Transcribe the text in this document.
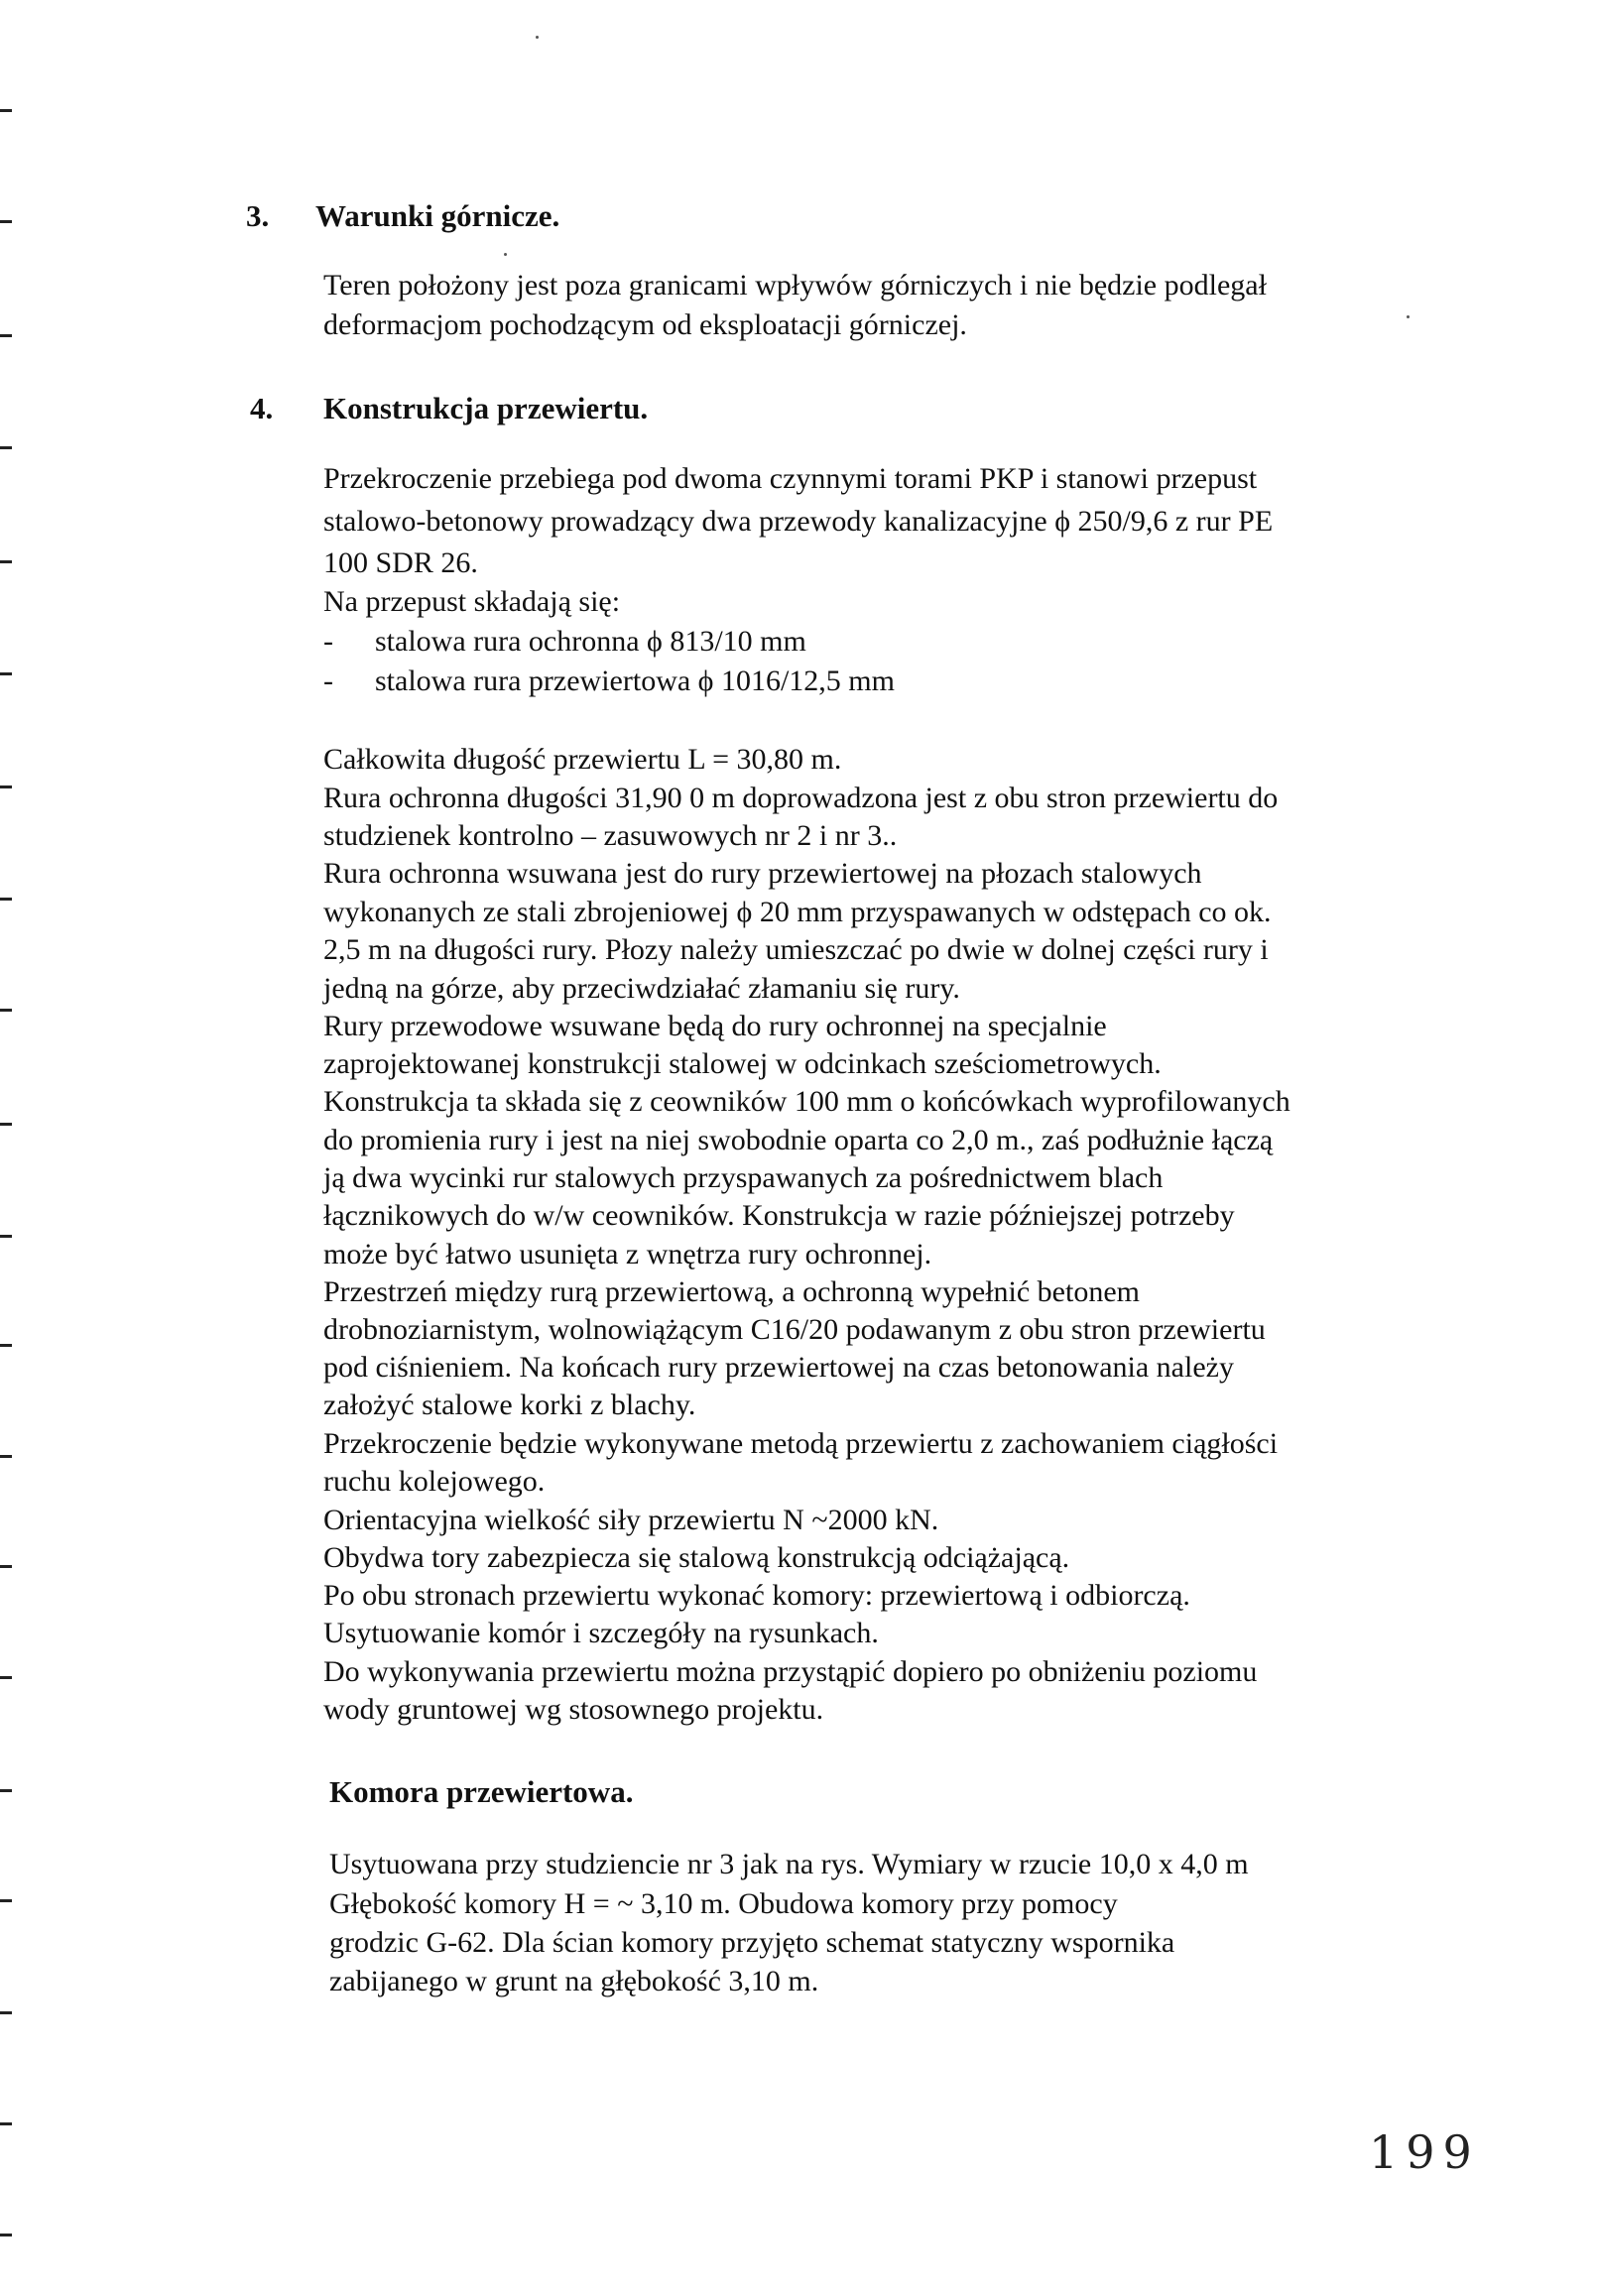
3. Warunki górnicze.
Teren położony jest poza granicami wpływów górniczych i nie będzie podlegał
deformacjom pochodzącym od eksploatacji górniczej.
4. Konstrukcja przewiertu.
Przekroczenie przebiega pod dwoma czynnymi torami PKP i stanowi przepust
stalowo-betonowy prowadzący dwa przewody kanalizacyjne ϕ 250/9,6 z rur PE
100 SDR 26.
Na przepust składają się:
- stalowa rura ochronna ϕ 813/10 mm
- stalowa rura przewiertowa ϕ 1016/12,5 mm
Całkowita długość przewiertu L = 30,80 m.
Rura ochronna długości 31,90 0 m doprowadzona jest z obu stron przewiertu do
studzienek kontrolno – zasuwowych nr 2 i nr 3..
Rura ochronna wsuwana jest do rury przewiertowej na płozach stalowych
wykonanych ze stali zbrojeniowej ϕ 20 mm przyspawanych w odstępach co ok.
2,5 m na długości rury. Płozy należy umieszczać po dwie w dolnej części rury i
jedną na górze, aby przeciwdziałać złamaniu się rury.
Rury przewodowe wsuwane będą do rury ochronnej na specjalnie
zaprojektowanej konstrukcji stalowej w odcinkach sześciometrowych.
Konstrukcja ta składa się z ceowników 100 mm o końcówkach wyprofilowanych
do promienia rury i jest na niej swobodnie oparta co 2,0 m., zaś podłużnie łączą
ją dwa wycinki rur stalowych przyspawanych za pośrednictwem blach
łącznikowych do w/w ceowników. Konstrukcja w razie późniejszej potrzeby
może być łatwo usunięta z wnętrza rury ochronnej.
Przestrzeń między rurą przewiertową, a ochronną wypełnić betonem
drobnoziarnistym, wolnowiążącym C16/20 podawanym z obu stron przewiertu
pod ciśnieniem. Na końcach rury przewiertowej na czas betonowania należy
założyć stalowe korki z blachy.
Przekroczenie będzie wykonywane metodą przewiertu z zachowaniem ciągłości
ruchu kolejowego.
Orientacyjna wielkość siły przewiertu N ~2000 kN.
Obydwa tory zabezpiecza się stalową konstrukcją odciążającą.
Po obu stronach przewiertu wykonać komory: przewiertową i odbiorczą.
Usytuowanie komór i szczegóły na rysunkach.
Do wykonywania przewiertu można przystąpić dopiero po obniżeniu poziomu
wody gruntowej wg stosownego projektu.
Komora przewiertowa.
Usytuowana przy studziencie nr 3 jak na rys. Wymiary w rzucie 10,0 x 4,0 m
Głębokość komory H = ~ 3,10 m. Obudowa komory przy pomocy
grodzic G-62. Dla ścian komory przyjęto schemat statyczny wspornika
zabijanego w grunt na głębokość 3,10 m.
199
